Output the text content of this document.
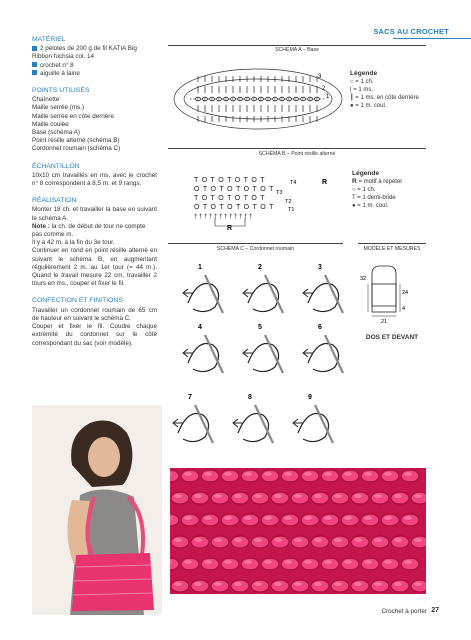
SACS AU CROCHET
MATÉRIEL
2 pelotes de 200 g de fil KATIA Big Ribbon fuchsia col. 14
crochet n° 8
aiguille à laine
POINTS UTILISÉS
Chaînette
Maille serrée (ms.)
Maille serrée en côte derrière
Maille coulée
Base (schéma A)
Point résille alterné (schéma B)
Cordonnet roumain (schéma C)
ÉCHANTILLON
10x10 cm travaillés en ms. avec le crochet n° 8 correspondent à 8,5 m. et 9 rangs.
RÉALISATION
Monter 18 ch. et travailler la base en suivant le schéma A.
Note : la ch. de début de tour ne compte pas comme m.
Il y a 42 m. à la fin du 3e tour.
Continuer en rond en point résille alterné en suivant le schéma B, en augmentant régulièrement 2 m. au 1er tour (= 44 m.). Quand le travail mesure 22 cm, travailler 2 tours en ms., couper et fixer le fil.
CONFECTION ET FINITIONS
Travailler un cordonnet roumain de 65 cm de hauteur en suivant le schéma C.
Couper et fixer le fil. Coudre chaque extrémité du cordonnet sur le côté correspondant du sac (voir modèle).
SCHÉMA A – Base
3
2
1
Légende
○ = 1 ch.
| = 1 ms.
┃ = 1 ms. en côte derrière
● = 1 m. coul.
SCHÉMA B – Point résille alterné
T O T O T O T O T
O T O T O T O T O T
T O T O T O T O T
O T O T O T O T O T
† † † † † † † † † † † †
T4
T3
T2
T1
R
R
Légende
R = motif à répéter
○ = 1 ch.
T = 1 demi-bride
● = 1 m. coul.
SCHÉMA C – Cordonnet roumain	MODÈLE ET MESURES
1	2	3
4	5	6
7	8	9
32
24
4
21
DOS ET DEVANT
Crochet à porter 27
